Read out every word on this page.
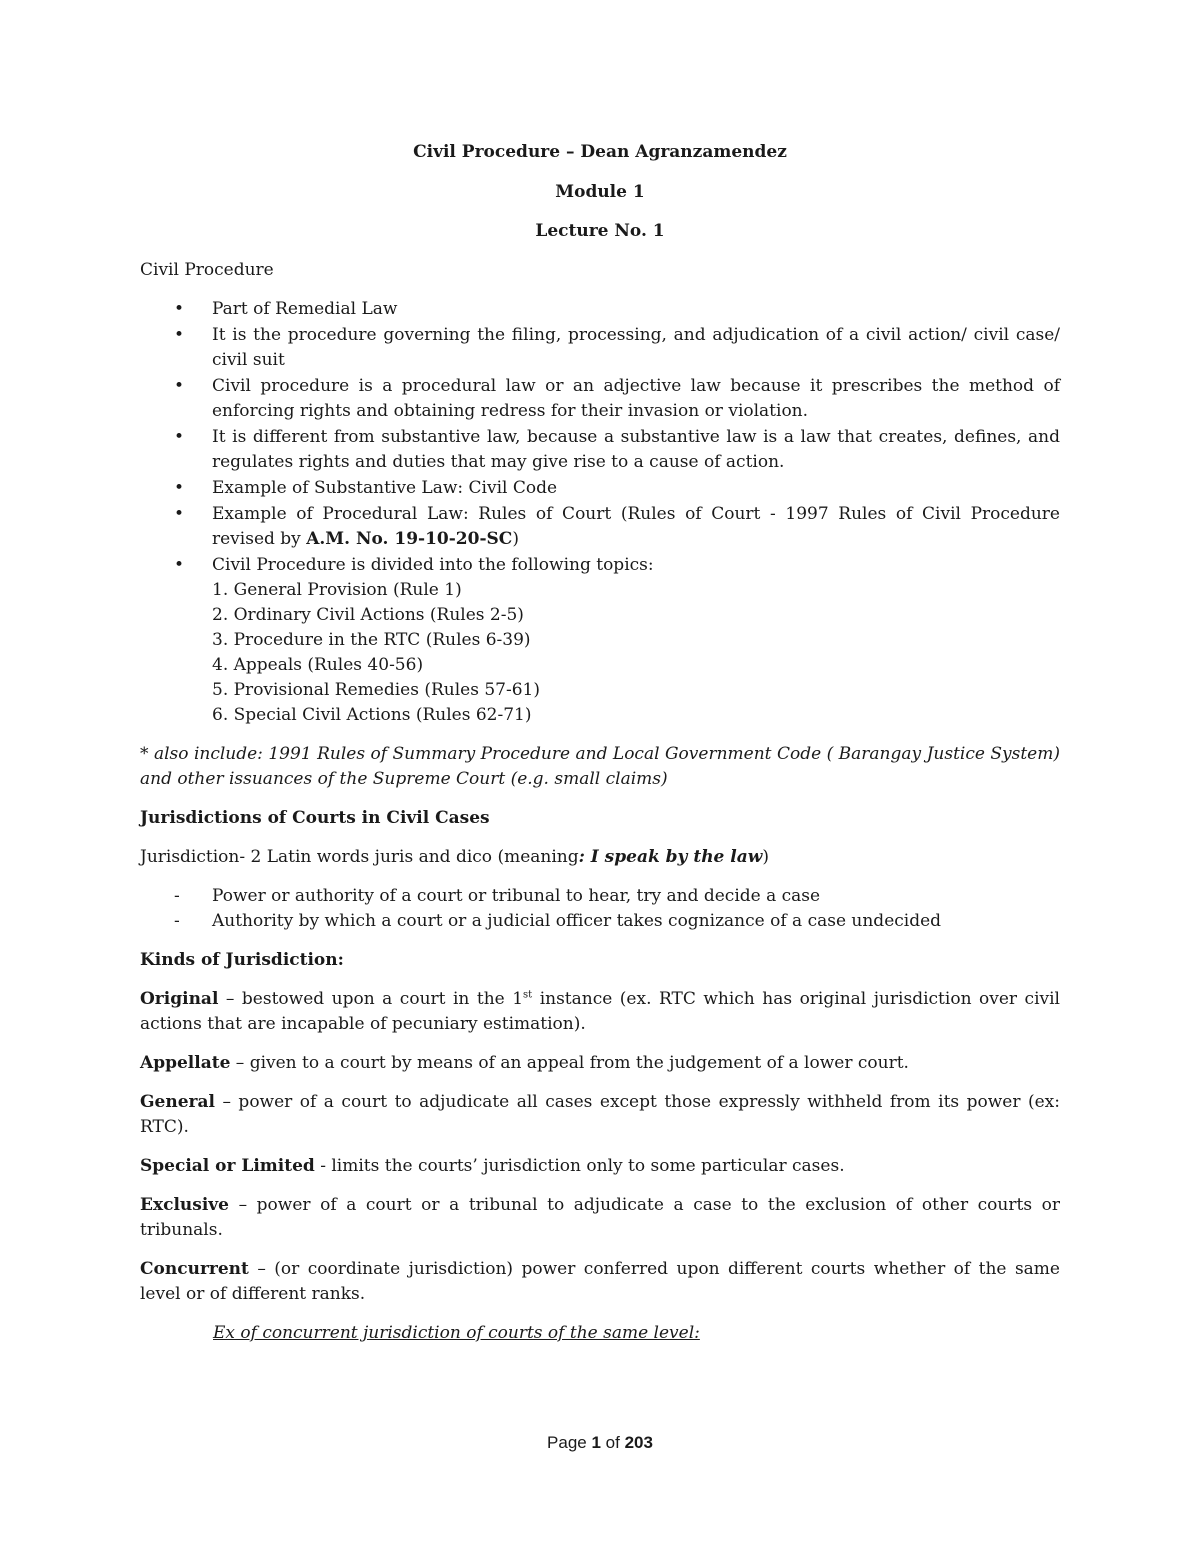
Civil Procedure – Dean Agranzamendez
Module 1
Lecture No. 1
Civil Procedure
• Part of Remedial Law
• It is the procedure governing the filing, processing, and adjudication of a civil action/ civil case/ civil suit
• Civil procedure is a procedural law or an adjective law because it prescribes the method of enforcing rights and obtaining redress for their invasion or violation.
• It is different from substantive law, because a substantive law is a law that creates, defines, and regulates rights and duties that may give rise to a cause of action.
• Example of Substantive Law: Civil Code
• Example of Procedural Law: Rules of Court (Rules of Court - 1997 Rules of Civil Procedure revised by A.M. No. 19-10-20-SC)
• Civil Procedure is divided into the following topics:
1. General Provision (Rule 1)
2. Ordinary Civil Actions (Rules 2-5)
3. Procedure in the RTC (Rules 6-39)
4. Appeals (Rules 40-56)
5. Provisional Remedies (Rules 57-61)
6. Special Civil Actions (Rules 62-71)
* also include: 1991 Rules of Summary Procedure and Local Government Code ( Barangay Justice System) and other issuances of the Supreme Court (e.g. small claims)
Jurisdictions of Courts in Civil Cases

Jurisdiction- 2 Latin words juris and dico (meaning: I speak by the law)

- Power or authority of a court or tribunal to hear, try and decide a case
- Authority by which a court or a judicial officer takes cognizance of a case undecided
Kinds of Jurisdiction:

Original – bestowed upon a court in the 1st instance (ex. RTC which has original jurisdiction over civil actions that are incapable of pecuniary estimation).

Appellate – given to a court by means of an appeal from the judgement of a lower court.

General – power of a court to adjudicate all cases except those expressly withheld from its power (ex: RTC).

Special or Limited - limits the courts’ jurisdiction only to some particular cases.

Exclusive – power of a court or a tribunal to adjudicate a case to the exclusion of other courts or tribunals.

Concurrent – (or coordinate jurisdiction) power conferred upon different courts whether of the same level or of different ranks.

Ex of concurrent jurisdiction of courts of the same level:
Page 1 of 203
